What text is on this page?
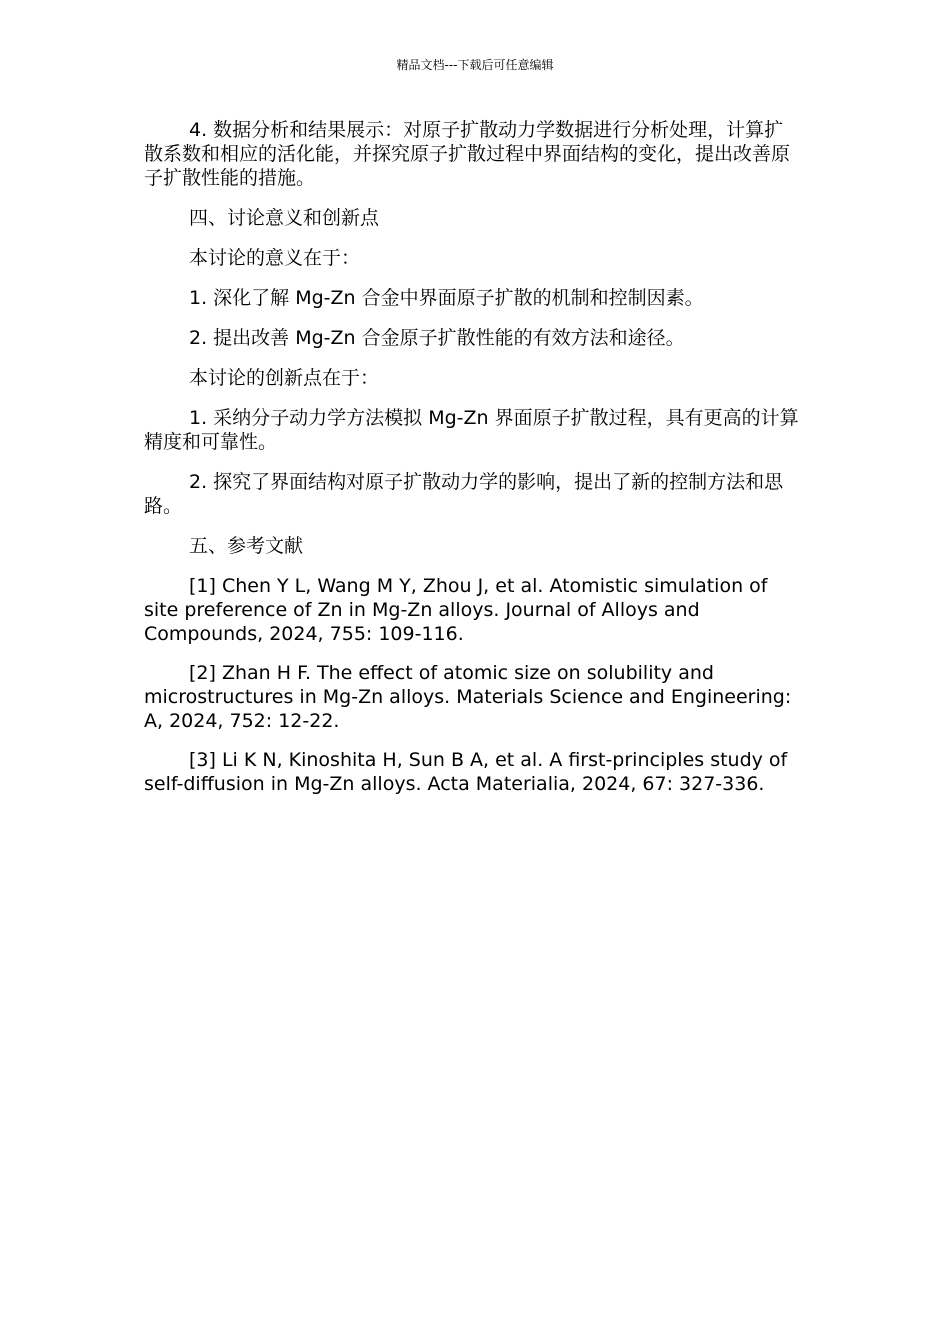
精品文档---下载后可任意编辑

4. 数据分析和结果展示：对原子扩散动力学数据进行分析处理，计算扩散系数和相应的活化能，并探究原子扩散过程中界面结构的变化，提出改善原子扩散性能的措施。

四、讨论意义和创新点

本讨论的意义在于：

1. 深化了解 Mg-Zn 合金中界面原子扩散的机制和控制因素。

2. 提出改善 Mg-Zn 合金原子扩散性能的有效方法和途径。

本讨论的创新点在于：

1. 采纳分子动力学方法模拟 Mg-Zn 界面原子扩散过程，具有更高的计算精度和可靠性。

2. 探究了界面结构对原子扩散动力学的影响，提出了新的控制方法和思路。

五、参考文献

[1] Chen Y L, Wang M Y, Zhou J, et al. Atomistic simulation of site preference of Zn in Mg-Zn alloys. Journal of Alloys and Compounds, 2024, 755: 109-116.

[2] Zhan H F. The effect of atomic size on solubility and microstructures in Mg-Zn alloys. Materials Science and Engineering: A, 2024, 752: 12-22.

[3] Li K N, Kinoshita H, Sun B A, et al. A first-principles study of self-diffusion in Mg-Zn alloys. Acta Materialia, 2024, 67: 327-336.
